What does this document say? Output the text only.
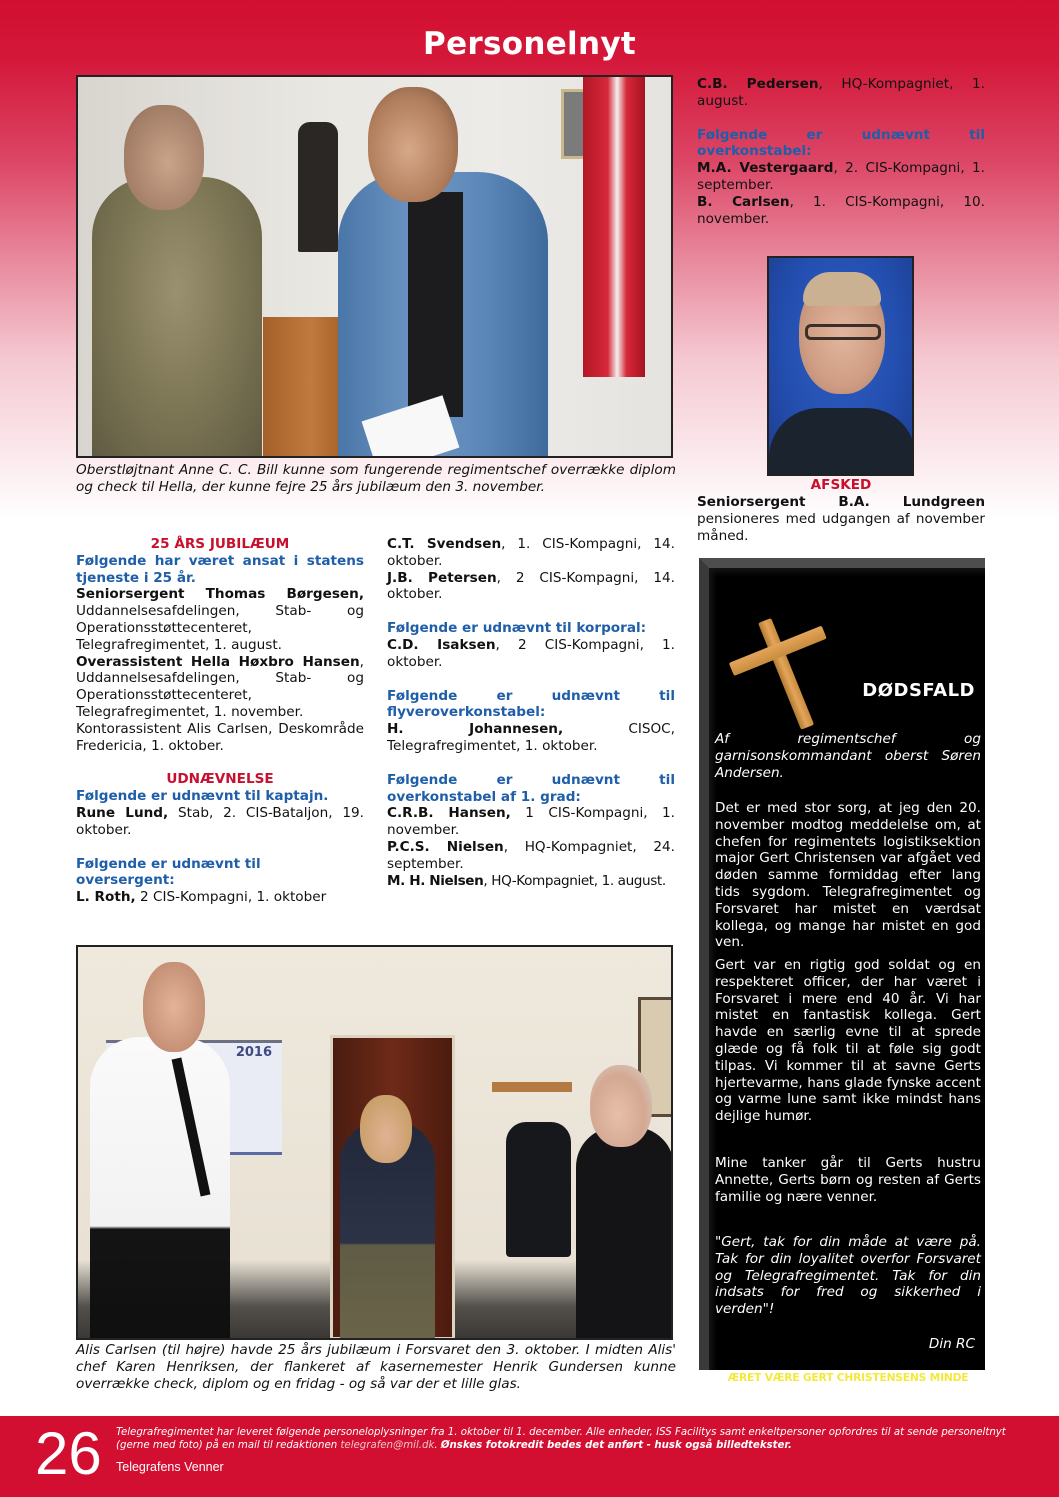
Personelnyt
Oberstløjtnant Anne C. C. Bill kunne som fungerende regimentschef overrække diplom og check til Hella, der kunne fejre 25 års jubilæum den 3. november.
25 ÅRS JUBILÆUM
Følgende har været ansat i statens tjeneste i 25 år.

Seniorsergent Thomas Børgesen, Uddannelsesafdelingen, Stab- og Operationsstøttecenteret, Telegrafregimentet, 1. august.

Overassistent Hella Høxbro Hansen, Uddannelsesafdelingen, Stab- og Operationsstøttecenteret, Telegrafregimentet, 1. november.

Kontorassistent Alis Carlsen, Deskområde Fredericia, 1. oktober.

UDNÆVNELSE
Følgende er udnævnt til kaptajn.

Rune Lund, Stab, 2. CIS-Bataljon, 19. oktober.

Følgende er udnævnt til oversergent:

L. Roth, 2 CIS-Kompagni, 1. oktober

C.T. Svendsen, 1. CIS-Kompagni, 14. oktober.

J.B. Petersen, 2 CIS-Kompagni, 14. oktober.

Følgende er udnævnt til korporal:

C.D. Isaksen, 2 CIS-Kompagni, 1. oktober.

Følgende er udnævnt til flyveroverkonstabel:

H. Johannesen, CISOC, Telegrafregimentet, 1. oktober.

Følgende er udnævnt til overkonstabel af 1. grad:

C.R.B. Hansen, 1 CIS-Kompagni, 1. november.

P.C.S. Nielsen, HQ-Kompagniet, 24. september.

M. H. Nielsen, HQ-Kompagniet, 1. august.

C.B. Pedersen, HQ-Kompagniet, 1. august.

Følgende er udnævnt til overkonstabel:

M.A. Vestergaard, 2. CIS-Kompagni, 1. september.

B. Carlsen, 1. CIS-Kompagni, 10. november.

AFSKED
Seniorsergent B.A. Lundgreen pensioneres med udgangen af november måned.
DØDSFALD
Af regimentschef og garnisonskommandant oberst Søren Andersen.
Det er med stor sorg, at jeg den 20. november modtog meddelelse om, at chefen for regimentets logistiksektion major Gert Christensen var afgået ved døden samme formiddag efter lang tids sygdom. Telegrafregimentet og Forsvaret har mistet en værdsat kollega, og mange har mistet en god ven.
Gert var en rigtig god soldat og en respekteret officer, der har været i Forsvaret i mere end 40 år. Vi har mistet en fantastisk kollega. Gert havde en særlig evne til at sprede glæde og få folk til at føle sig godt tilpas. Vi kommer til at savne Gerts hjertevarme, hans glade fynske accent og varme lune samt ikke mindst hans dejlige humør.
Mine tanker går til Gerts hustru Annette, Gerts børn og resten af Gerts familie og nære venner.
"Gert, tak for din måde at være på. Tak for din loyalitet overfor Forsvaret og Telegrafregimentet. Tak for din indsats for fred og sikkerhed i verden"!
Din RC
ÆRET VÆRE GERT CHRISTENSENS MINDE
2016
Alis Carlsen (til højre) havde 25 års jubilæum i Forsvaret den 3. oktober. I midten Alis' chef Karen Henriksen, der flankeret af kasernemester Henrik Gundersen kunne overrække check, diplom og en fridag - og så var der et lille glas.
26 Telegrafregimentet har leveret følgende personeloplysninger fra 1. oktober til 1. december. Alle enheder, ISS Facilitys samt enkeltpersoner opfordres til at sende personeltnyt (gerne med foto) på en mail til redaktionen telegrafen@mil.dk. Ønskes fotokredit bedes det anført - husk også billedtekster.
Telegrafens Venner
